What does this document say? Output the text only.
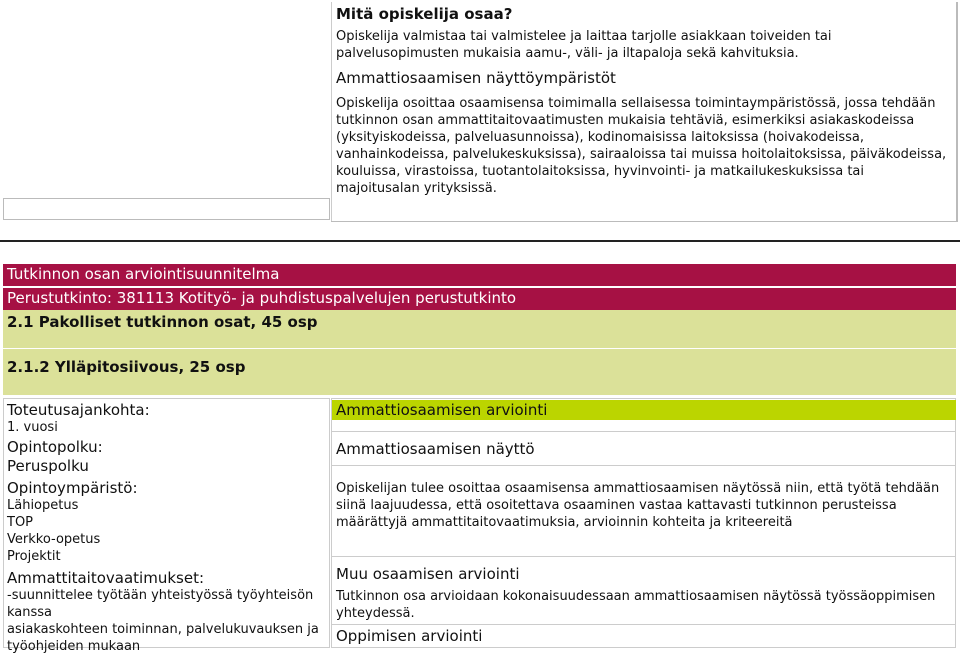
Mitä opiskelija osaa?
Opiskelija valmistaa tai valmistelee ja laittaa tarjolle asiakkaan toiveiden tai
palvelusopimusten mukaisia aamu-, väli- ja iltapaloja sekä kahvituksia.
Ammattiosaamisen näyttöympäristöt
Opiskelija osoittaa osaamisensa toimimalla sellaisessa toimintaympäristössä, jossa tehdään
tutkinnon osan ammattitaitovaatimusten mukaisia tehtäviä, esimerkiksi asiakaskodeissa
(yksityiskodeissa, palveluasunnoissa), kodinomaisissa laitoksissa (hoivakodeissa,
vanhainkodeissa, palvelukeskuksissa), sairaaloissa tai muissa hoitolaitoksissa, päiväkodeissa,
kouluissa, virastoissa, tuotantolaitoksissa, hyvinvointi- ja matkailukeskuksissa tai
majoitusalan yrityksissä.
Tutkinnon osan arviointisuunnitelma
Perustutkinto: 381113 Kotityö- ja puhdistuspalvelujen perustutkinto
2.1 Pakolliset tutkinnon osat, 45 osp
2.1.2 Ylläpitosiivous, 25 osp
Toteutusajankohta:
1. vuosi
Opintopolku:
Peruspolku
Opintoympäristö:
Lähiopetus
TOP
Verkko-opetus
Projektit
Ammattitaitovaatimukset:
-suunnittelee työtään yhteistyössä työyhteisön kanssa
asiakaskohteen toiminnan, palvelukuvauksen ja
työohjeiden mukaan
Ammattiosaamisen arviointi
Ammattiosaamisen näyttö
Opiskelijan tulee osoittaa osaamisensa ammattiosaamisen näytössä niin, että työtä tehdään
siinä laajuudessa, että osoitettava osaaminen vastaa kattavasti tutkinnon perusteissa
määrättyjä ammattitaitovaatimuksia, arvioinnin kohteita ja kriteereitä
Muu osaamisen arviointi
Tutkinnon osa arvioidaan kokonaisuudessaan ammattiosaamisen näytössä työssäoppimisen
yhteydessä.
Oppimisen arviointi
